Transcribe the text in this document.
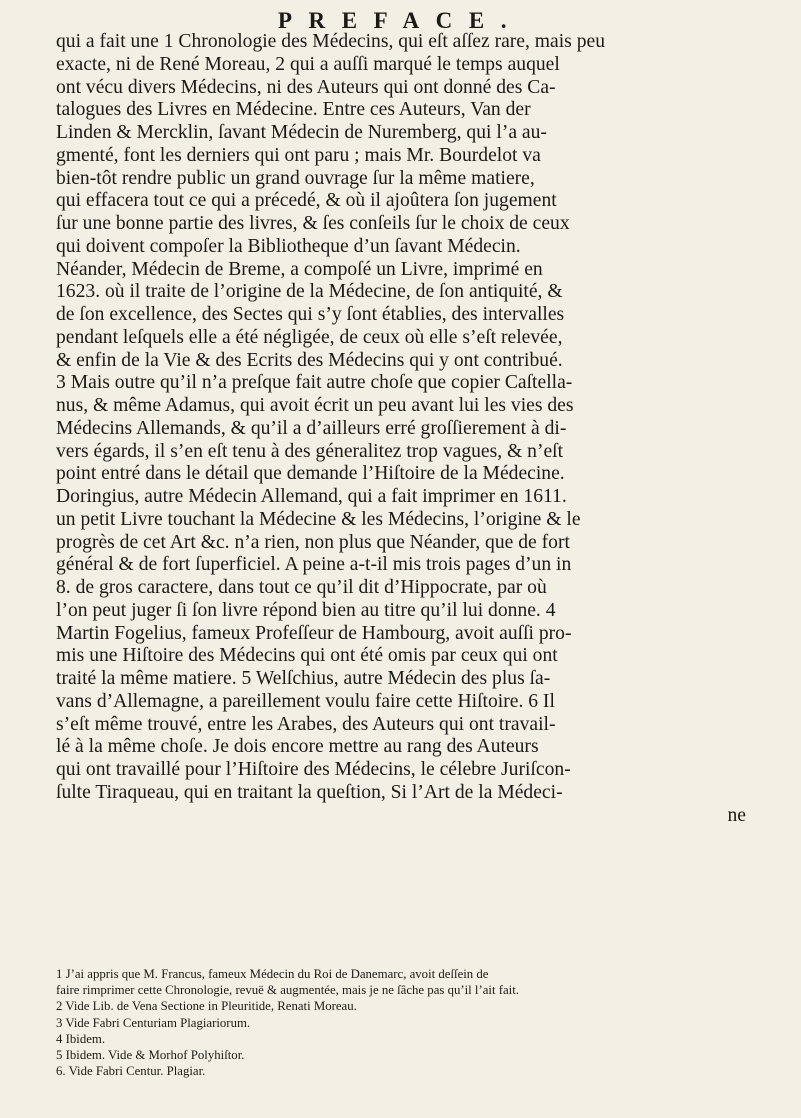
PREFACE.
qui a fait une 1 Chronologie des Médecins, qui eſt aſſez rare, mais peu
exacte, ni de René Moreau, 2 qui a auſſi marqué le temps auquel
ont vécu divers Médecins, ni des Auteurs qui ont donné des Ca-
talogues des Livres en Médecine. Entre ces Auteurs, Van der
Linden & Mercklin, ſavant Médecin de Nuremberg, qui l’a au-
gmenté, font les derniers qui ont paru ; mais Mr. Bourdelot va
bien-tôt rendre public un grand ouvrage ſur la même matiere,
qui effacera tout ce qui a précedé, & où il ajoûtera ſon jugement
ſur une bonne partie des livres, & ſes conſeils ſur le choix de ceux
qui doivent compoſer la Bibliotheque d’un ſavant Médecin.
Néander, Médecin de Breme, a compoſé un Livre, imprimé en
1623. où il traite de l’origine de la Médecine, de ſon antiquité, &
de ſon excellence, des Sectes qui s’y ſont établies, des intervalles
pendant leſquels elle a été négligée, de ceux où elle s’eſt relevée,
& enfin de la Vie & des Ecrits des Médecins qui y ont contribué.
3 Mais outre qu’il n’a preſque fait autre choſe que copier Caſtella-
nus, & même Adamus, qui avoit écrit un peu avant lui les vies des
Médecins Allemands, & qu’il a d’ailleurs erré groſſierement à di-
vers égards, il s’en eſt tenu à des géneralitez trop vagues, & n’eſt
point entré dans le détail que demande l’Hiſtoire de la Médecine.
Doringius, autre Médecin Allemand, qui a fait imprimer en 1611.
un petit Livre touchant la Médecine & les Médecins, l’origine & le
progrès de cet Art &c. n’a rien, non plus que Néander, que de fort
général & de fort ſuperficiel. A peine a-t-il mis trois pages d’un in
8. de gros caractere, dans tout ce qu’il dit d’Hippocrate, par où
l’on peut juger ſi ſon livre répond bien au titre qu’il lui donne. 4
Martin Fogelius, fameux Profeſſeur de Hambourg, avoit auſſi pro-
mis une Hiſtoire des Médecins qui ont été omis par ceux qui ont
traité la même matiere. 5 Welſchius, autre Médecin des plus ſa-
vans d’Allemagne, a pareillement voulu faire cette Hiſtoire. 6 Il
s’eſt même trouvé, entre les Arabes, des Auteurs qui ont travail-
lé à la même choſe. Je dois encore mettre au rang des Auteurs
qui ont travaillé pour l’Hiſtoire des Médecins, le célebre Juriſcon-
ſulte Tiraqueau, qui en traitant la queſtion, Si l’Art de la Médeci-
ne
1 J’ai appris que M. Francus, fameux Médecin du Roi de Danemarc, avoit deſſein de
faire rimprimer cette Chronologie, revuë & augmentée, mais je ne ſâche pas qu’il l’ait fait.
2 Vide Lib. de Vena Sectione in Pleuritide, Renati Moreau.
3 Vide Fabri Centuriam Plagiariorum.
4 Ibidem.
5 Ibidem. Vide & Morhof Polyhiſtor.
6. Vide Fabri Centur. Plagiar.
